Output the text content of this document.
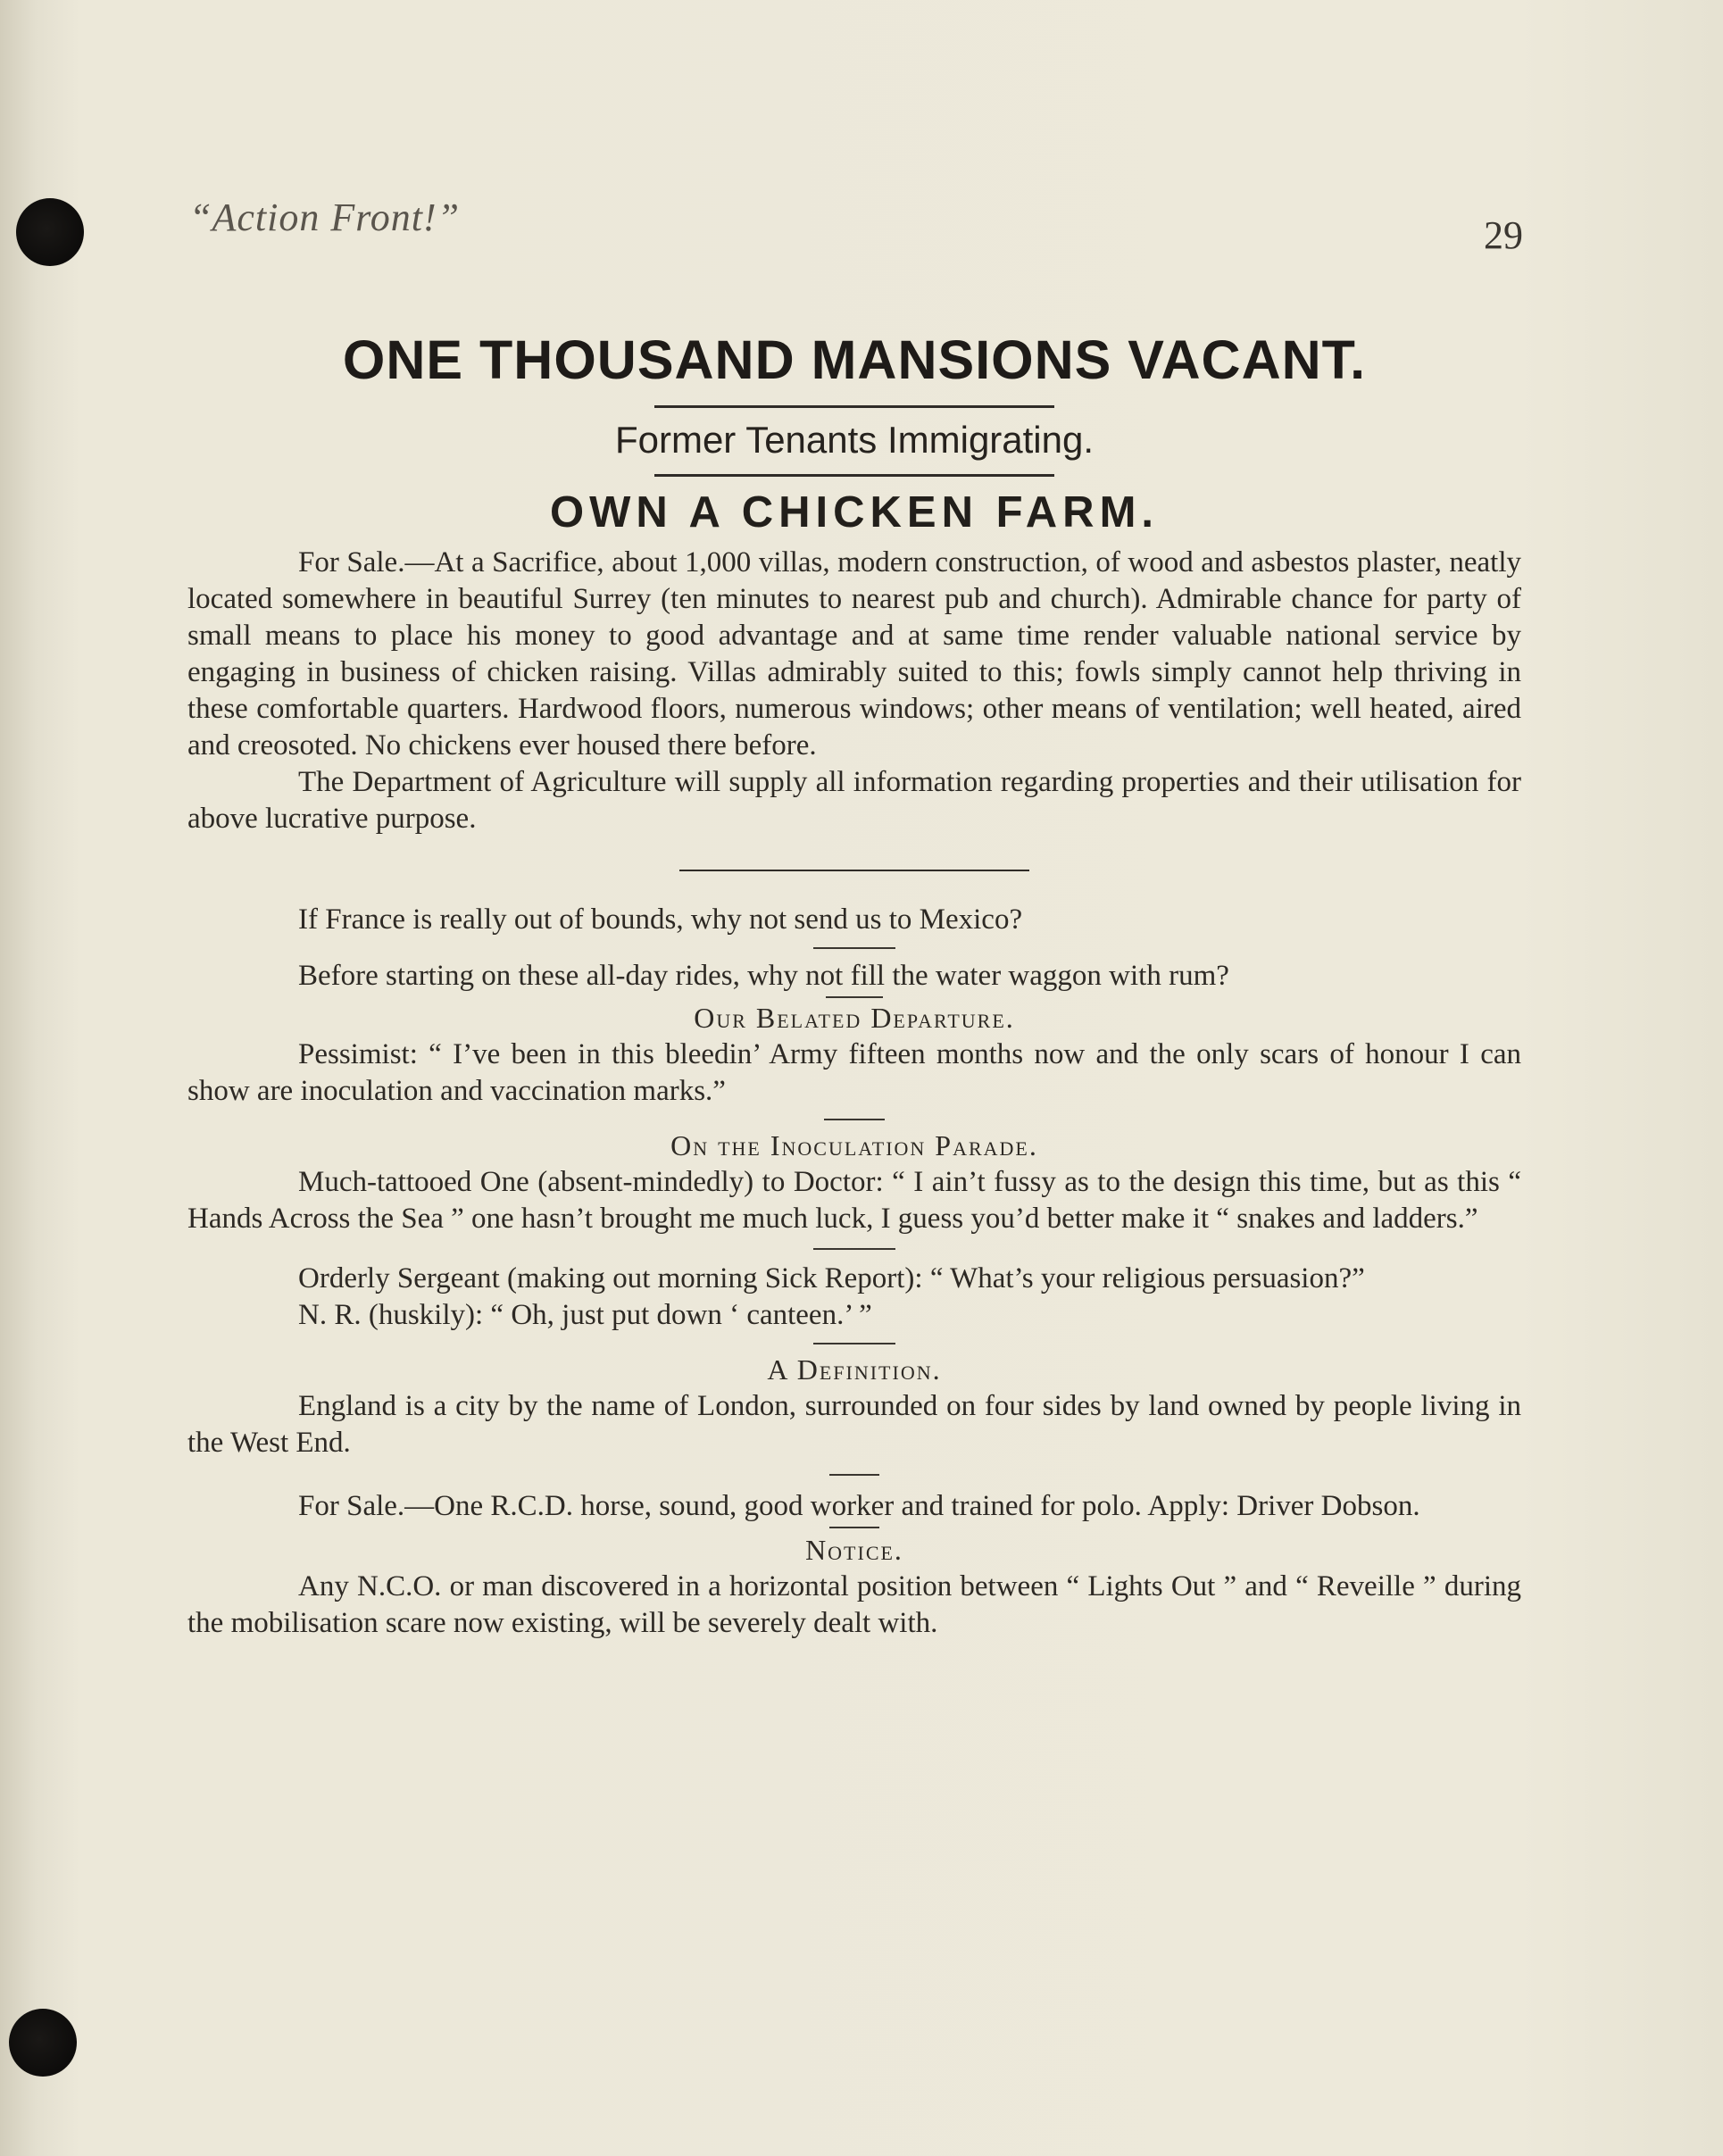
“Action Front!”	29
ONE THOUSAND MANSIONS VACANT.
Former Tenants Immigrating.
OWN A CHICKEN FARM.

For Sale.—At a Sacrifice, about 1,000 villas, modern construction, of wood and asbestos plaster, neatly located somewhere in beautiful Surrey (ten minutes to nearest pub and church). Admirable chance for party of small means to place his money to good advantage and at same time render valuable national service by engaging in business of chicken raising. Villas admirably suited to this; fowls simply cannot help thriving in these comfortable quarters. Hardwood floors, numerous windows; other means of ventilation; well heated, aired and creosoted. No chickens ever housed there before.

The Department of Agriculture will supply all information regarding properties and their utilisation for above lucrative purpose.

If France is really out of bounds, why not send us to Mexico?

Before starting on these all-day rides, why not fill the water waggon with rum?

Our Belated Departure.

Pessimist: “ I’ve been in this bleedin’ Army fifteen months now and the only scars of honour I can show are inoculation and vaccination marks.”

On the Inoculation Parade.

Much-tattooed One (absent-mindedly) to Doctor: “ I ain’t fussy as to the design this time, but as this “ Hands Across the Sea ” one hasn’t brought me much luck, I guess you’d better make it “ snakes and ladders.”

Orderly Sergeant (making out morning Sick Report): “ What’s your religious persuasion?”

N. R. (huskily): “ Oh, just put down ‘ canteen.’ ”

A Definition.

England is a city by the name of London, surrounded on four sides by land owned by people living in the West End.

For Sale.—One R.C.D. horse, sound, good worker and trained for polo. Apply: Driver Dobson.

Notice.

Any N.C.O. or man discovered in a horizontal position between “ Lights Out ” and “ Reveille ” during the mobilisation scare now existing, will be severely dealt with.
